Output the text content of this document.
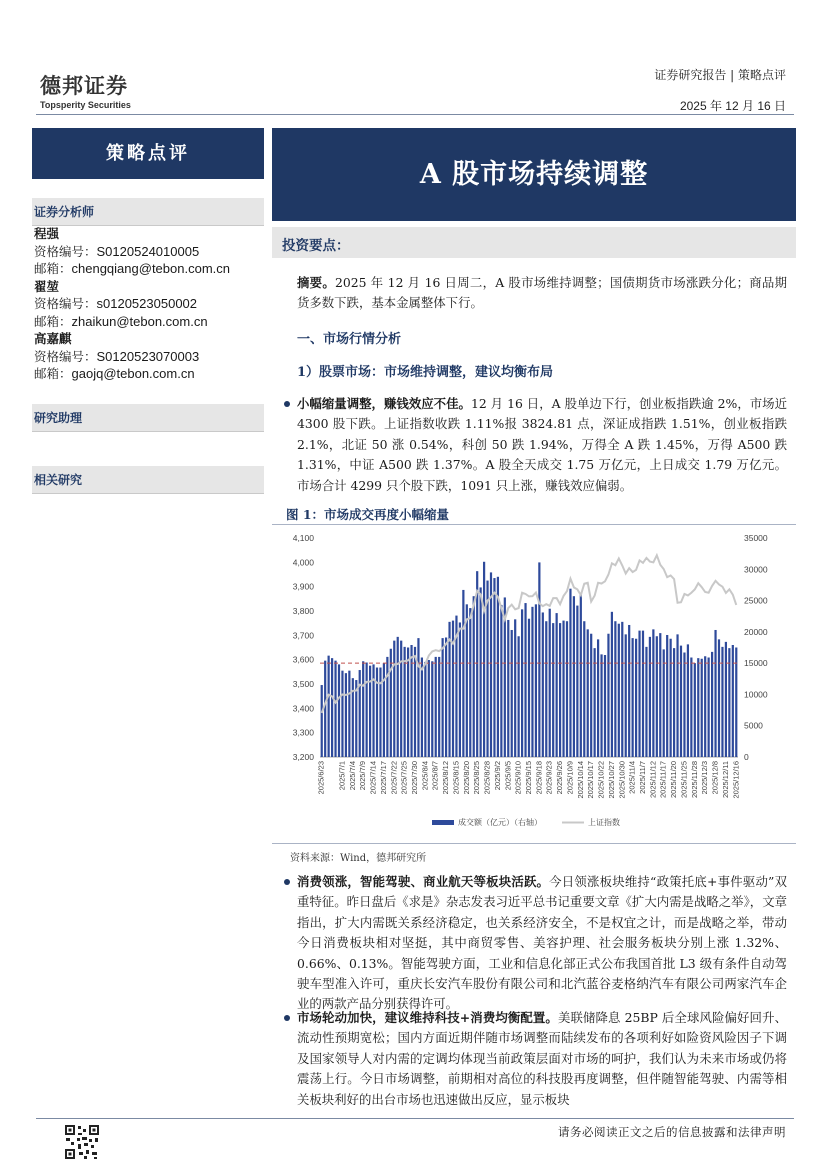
德邦证券
Topsperity Securities
证券研究报告 | 策略点评
2025 年 12 月 16 日
策略点评
证券分析师
程强
资格编号：S0120524010005
邮箱：chengqiang@tebon.com.cn
翟堃
资格编号：s0120523050002
邮箱：zhaikun@tebon.com.cn
高嘉麒
资格编号：S0120523070003
邮箱：gaojq@tebon.com.cn
研究助理
相关研究
A 股市场持续调整
投资要点：
摘要。2025 年 12 月 16 日周二，A 股市场维持调整；国债期货市场涨跌分化；商品期货多数下跌，基本金属整体下行。
一、市场行情分析
1）股票市场：市场维持调整，建议均衡布局
小幅缩量调整，赚钱效应不佳。12 月 16 日，A 股单边下行，创业板指跌逾 2%，市场近 4300 股下跌。上证指数收跌 1.11%报 3824.81 点，深证成指跌 1.51%，创业板指跌 2.1%，北证 50 涨 0.54%，科创 50 跌 1.94%，万得全 A 跌 1.45%，万得 A500 跌 1.31%，中证 A500 跌 1.37%。A 股全天成交 1.75 万亿元，上日成交 1.79 万亿元。市场合计 4299 只个股下跌，1091 只上涨，赚钱效应偏弱。
图 1：市场成交再度小幅缩量
3,200
3,300
3,400
3,500
3,600
3,700
3,800
3,900
4,000
4,100
0
5000
10000
15000
20000
25000
30000
35000
2025/6/23 2025/7/1 2025/7/4 2025/7/9 2025/7/14 2025/7/17 2025/7/22 2025/7/25 2025/7/30 2025/8/4 2025/8/7 2025/8/12 2025/8/15 2025/8/20 2025/8/25 2025/8/28 2025/9/2 2025/9/5 2025/9/10 2025/9/15 2025/9/18 2025/9/23 2025/9/26 2025/10/9 2025/10/14 2025/10/17 2025/10/22 2025/10/27 2025/10/30 2025/11/4 2025/11/7 2025/11/12 2025/11/17 2025/11/20 2025/11/25 2025/11/28 2025/12/3 2025/12/8 2025/12/11 2025/12/16
成交额（亿元）（右轴）	上证指数
资料来源：Wind，德邦研究所
消费领涨，智能驾驶、商业航天等板块活跃。今日领涨板块维持“政策托底+事件驱动”双重特征。昨日盘后《求是》杂志发表习近平总书记重要文章《扩大内需是战略之举》，文章指出，扩大内需既关系经济稳定，也关系经济安全，不是权宜之计，而是战略之举，带动今日消费板块相对坚挺，其中商贸零售、美容护理、社会服务板块分别上涨 1.32%、0.66%、0.13%。智能驾驶方面，工业和信息化部正式公布我国首批 L3 级有条件自动驾驶车型准入许可，重庆长安汽车股份有限公司和北汽蓝谷麦格纳汽车有限公司两家汽车企业的两款产品分别获得许可。
市场轮动加快，建议维持科技+消费均衡配置。美联储降息 25BP 后全球风险偏好回升、流动性预期宽松；国内方面近期伴随市场调整而陆续发布的各项利好如险资风险因子下调及国家领导人对内需的定调均体现当前政策层面对市场的呵护，我们认为未来市场或仍将震荡上行。今日市场调整，前期相对高位的科技股再度调整，但伴随智能驾驶、内需等相关板块利好的出台市场也迅速做出反应，显示板块
请务必阅读正文之后的信息披露和法律声明
